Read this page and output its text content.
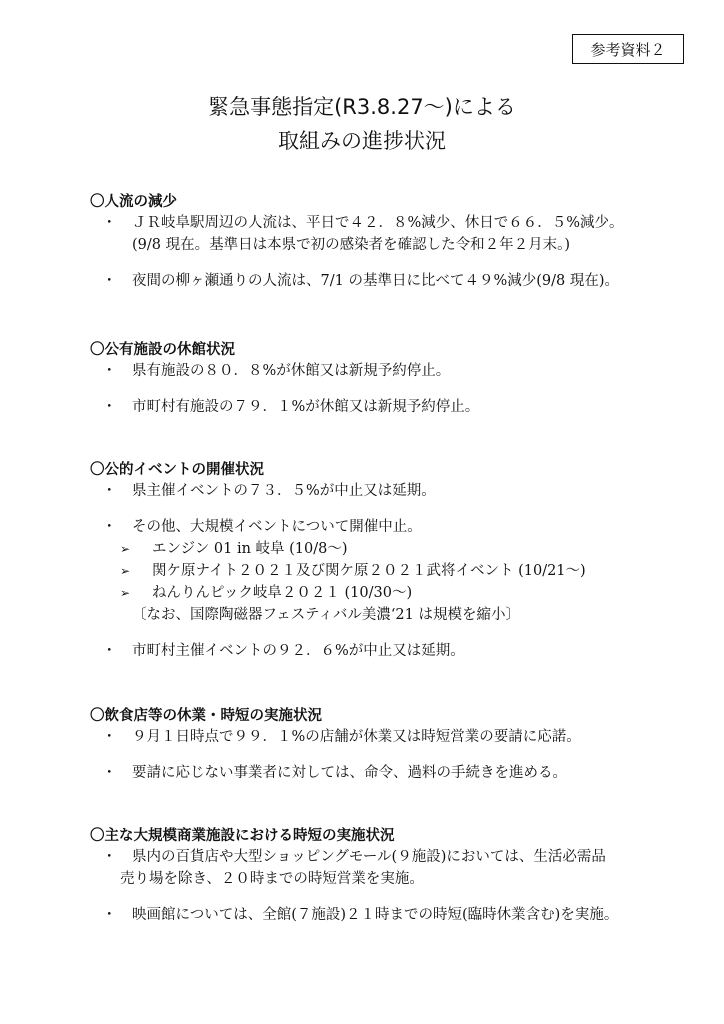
参考資料２
緊急事態指定(R3.8.27～)による
取組みの進捗状況
〇人流の減少
・ ＪＲ岐阜駅周辺の人流は、平日で４２．８%減少、休日で６６．５%減少。
(9/8 現在。基準日は本県で初の感染者を確認した令和２年２月末。)
・ 夜間の柳ヶ瀬通りの人流は、7/1 の基準日に比べて４９%減少(9/8 現在)。
〇公有施設の休館状況
・ 県有施設の８０．８%が休館又は新規予約停止。
・ 市町村有施設の７９．１%が休館又は新規予約停止。
〇公的イベントの開催状況
・ 県主催イベントの７３．５%が中止又は延期。
・ その他、大規模イベントについて開催中止。
➢ エンジン 01 in 岐阜 (10/8～)
➢ 関ケ原ナイト２０２１及び関ケ原２０２１武将イベント (10/21～)
➢ ねんりんピック岐阜２０２１ (10/30～)
〔なお、国際陶磁器フェスティバル美濃‘21 は規模を縮小〕
・ 市町村主催イベントの９２．６%が中止又は延期。
〇飲食店等の休業・時短の実施状況
・ ９月１日時点で９９．１%の店舗が休業又は時短営業の要請に応諾。
・ 要請に応じない事業者に対しては、命令、過料の手続きを進める。
〇主な大規模商業施設における時短の実施状況
・ 県内の百貨店や大型ショッピングモール(９施設)においては、生活必需品
売り場を除き、２０時までの時短営業を実施。
・ 映画館については、全館(７施設)２１時までの時短(臨時休業含む)を実施。
